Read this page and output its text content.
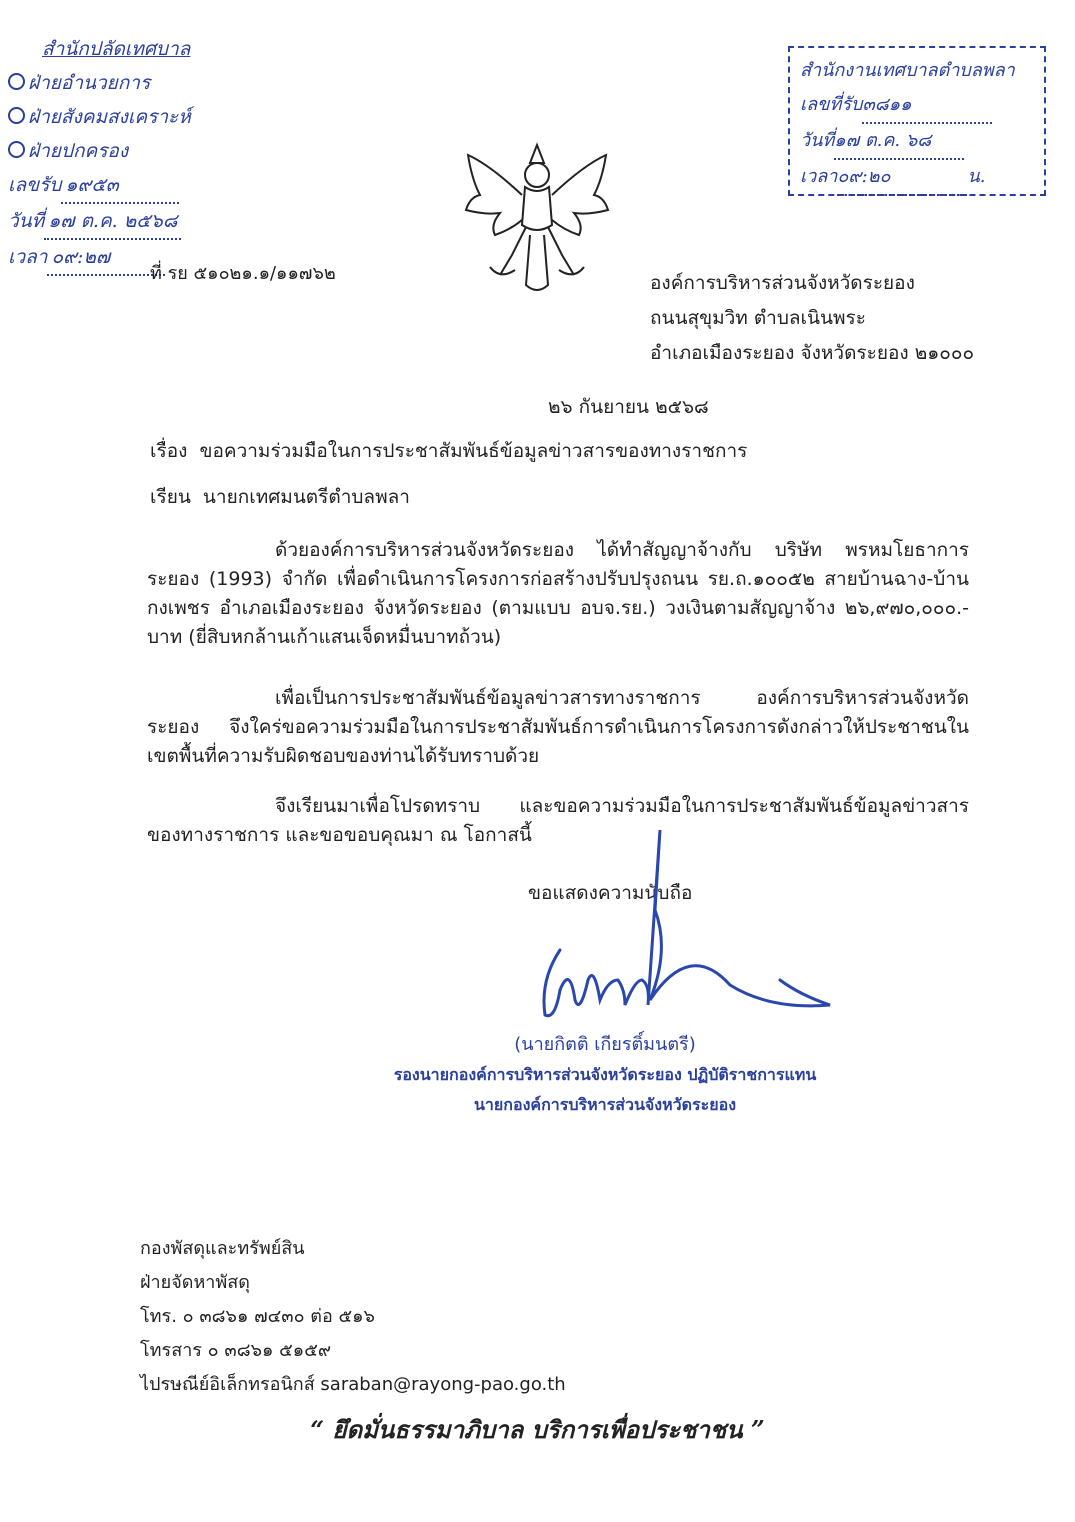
สำนักปลัดเทศบาล
ฝ่ายอำนวยการ
ฝ่ายสังคมสงเคราะห์
ฝ่ายปกครอง
เลขรับ ๑๙๕๓
วันที่ ๑๗ ต.ค. ๒๕๖๘
เวลา ๐๙:๒๗
สำนักงานเทศบาลตำบลพลา
เลขที่รับ๓๘๑๑
วันที่๑๗ ต.ค. ๖๘
เวลา๐๙:๒๐	น.
ที่ รย ๕๑๐๒๑.๑/๑๑๗๖๒	องค์การบริหารส่วนจังหวัดระยอง
ถนนสุขุมวิท ตำบลเนินพระ
อำเภอเมืองระยอง จังหวัดระยอง ๒๑๐๐๐
๒๖ กันยายน ๒๕๖๘
เรื่อง ขอความร่วมมือในการประชาสัมพันธ์ข้อมูลข่าวสารของทางราชการ
เรียน นายกเทศมนตรีตำบลพลา
ด้วยองค์การบริหารส่วนจังหวัดระยอง ได้ทำสัญญาจ้างกับ บริษัท พรหมโยธาการ ระยอง (1993) จำกัด เพื่อดำเนินการโครงการก่อสร้างปรับปรุงถนน รย.ถ.๑๐๐๕๒ สายบ้านฉาง-บ้านกงเพชร อำเภอเมืองระยอง จังหวัดระยอง (ตามแบบ อบจ.รย.) วงเงินตามสัญญาจ้าง ๒๖,๙๗๐,๐๐๐.- บาท (ยี่สิบหกล้านเก้าแสนเจ็ดหมื่นบาทถ้วน)
เพื่อเป็นการประชาสัมพันธ์ข้อมูลข่าวสารทางราชการ องค์การบริหารส่วนจังหวัดระยอง จึงใคร่ขอความร่วมมือในการประชาสัมพันธ์การดำเนินการโครงการดังกล่าวให้ประชาชนในเขตพื้นที่ความรับผิดชอบของท่านได้รับทราบด้วย
จึงเรียนมาเพื่อโปรดทราบ และขอความร่วมมือในการประชาสัมพันธ์ข้อมูลข่าวสารของทางราชการ และขอขอบคุณมา ณ โอกาสนี้
ขอแสดงความนับถือ
(นายกิตติ เกียรติ์มนตรี)
รองนายกองค์การบริหารส่วนจังหวัดระยอง ปฏิบัติราชการแทน
นายกองค์การบริหารส่วนจังหวัดระยอง
กองพัสดุและทรัพย์สิน
ฝ่ายจัดหาพัสดุ
โทร. ๐ ๓๘๖๑ ๗๔๓๐ ต่อ ๕๑๖
โทรสาร ๐ ๓๘๖๑ ๕๑๕๙
ไปรษณีย์อิเล็กทรอนิกส์ saraban@rayong-pao.go.th
“ ยึดมั่นธรรมาภิบาล บริการเพื่อประชาชน ”
